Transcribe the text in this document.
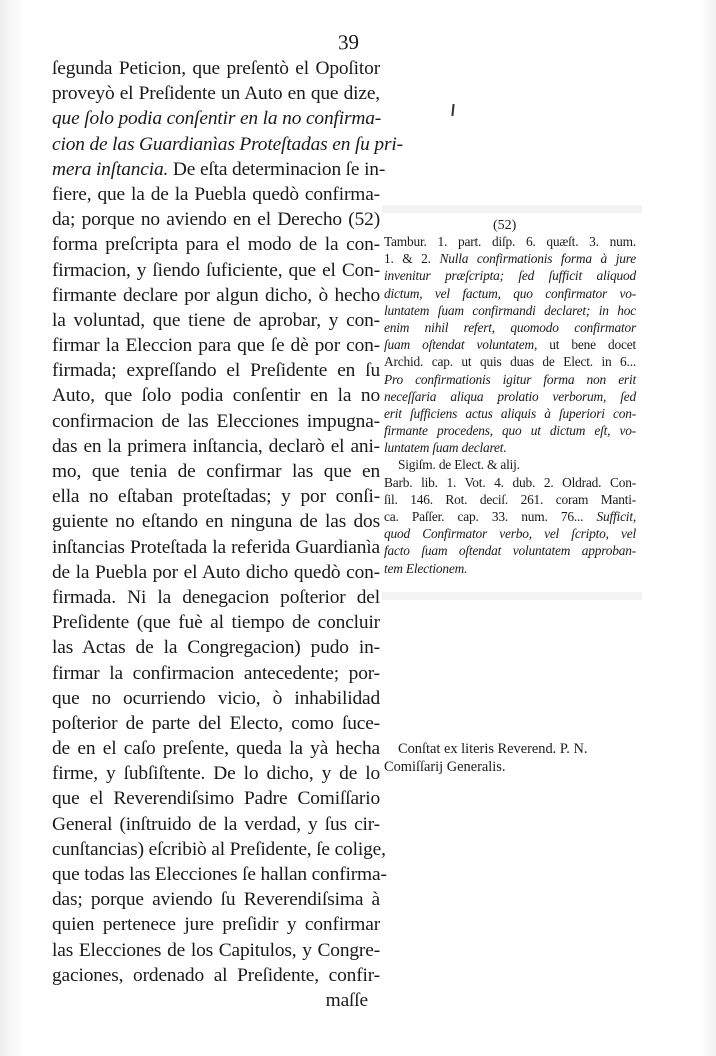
39
ſegunda Peticion, que preſentò el Opoſitor
proveyò el Preſidente un Auto en que dize,
que ſolo podia conſentir en la no confirma-
cion de las Guardianìas Proteſtadas en ſu pri-
mera inſtancia. De eſta determinacion ſe in-
fiere, que la de la Puebla quedò confirma-
da; porque no aviendo en el Derecho (52)
forma preſcripta para el modo de la con-
firmacion, y ſiendo ſuficiente, que el Con-
firmante declare por algun dicho, ò hecho
la voluntad, que tiene de aprobar, y con-
firmar la Eleccion para que ſe dè por con-
firmada; expreſſando el Preſidente en ſu
Auto, que ſolo podia conſentir en la no
confirmacion de las Elecciones impugna-
das en la primera inſtancia, declarò el ani-
mo, que tenia de confirmar las que en
ella no eſtaban proteſtadas; y por conſi-
guiente no eſtando en ninguna de las dos
inſtancias Proteſtada la referida Guardianìa
de la Puebla por el Auto dicho quedò con-
firmada. Ni la denegacion poſterior del
Preſidente (que fuè al tiempo de concluir
las Actas de la Congregacion) pudo in-
firmar la confirmacion antecedente; por-
que no ocurriendo vicio, ò inhabilidad
poſterior de parte del Electo, como ſuce-
de en el caſo preſente, queda la yà hecha
firme, y ſubſiſtente. De lo dicho, y de lo
que el Reverendiſsimo Padre Comiſſario
General (inſtruido de la verdad, y ſus cir-
cunſtancias) eſcribiò al Preſidente, ſe colige,
que todas las Elecciones ſe hallan confirma-
das; porque aviendo ſu Reverendiſsima à
quien pertenece jure preſidir y confirmar
las Elecciones de los Capitulos, y Congre-
gaciones, ordenado al Preſidente, confir-
maſſe
(52)
Tambur. 1. part. diſp. 6. quæſt. 3. num.
1. & 2. Nulla confirmationis forma à jure
invenitur præſcripta; ſed ſufficit aliquod
dictum, vel factum, quo confirmator vo-
luntatem ſuam confirmandi declaret; in hoc
enim nihil refert, quomodo confirmator
ſuam oſtendat voluntatem, ut bene docet
Archid. cap. ut quis duas de Elect. in 6...
Pro confirmationis igitur forma non erit
neceſſaria aliqua prolatio verborum, ſed
erit ſufficiens actus aliquis à ſuperiori con-
firmante procedens, quo ut dictum eſt, vo-
luntatem ſuam declaret.
Sigiſm. de Elect. & alij.
Barb. lib. 1. Vot. 4. dub. 2. Oldrad. Con-
ſil. 146. Rot. deciſ. 261. coram Manti-
ca. Paſſer. cap. 33. num. 76... Sufficit,
quod Confirmator verbo, vel ſcripto, vel
facto ſuam oſtendat voluntatem approban-
tem Electionem.
Conſtat ex literis Reverend. P. N.
Comiſſarij Generalis.
